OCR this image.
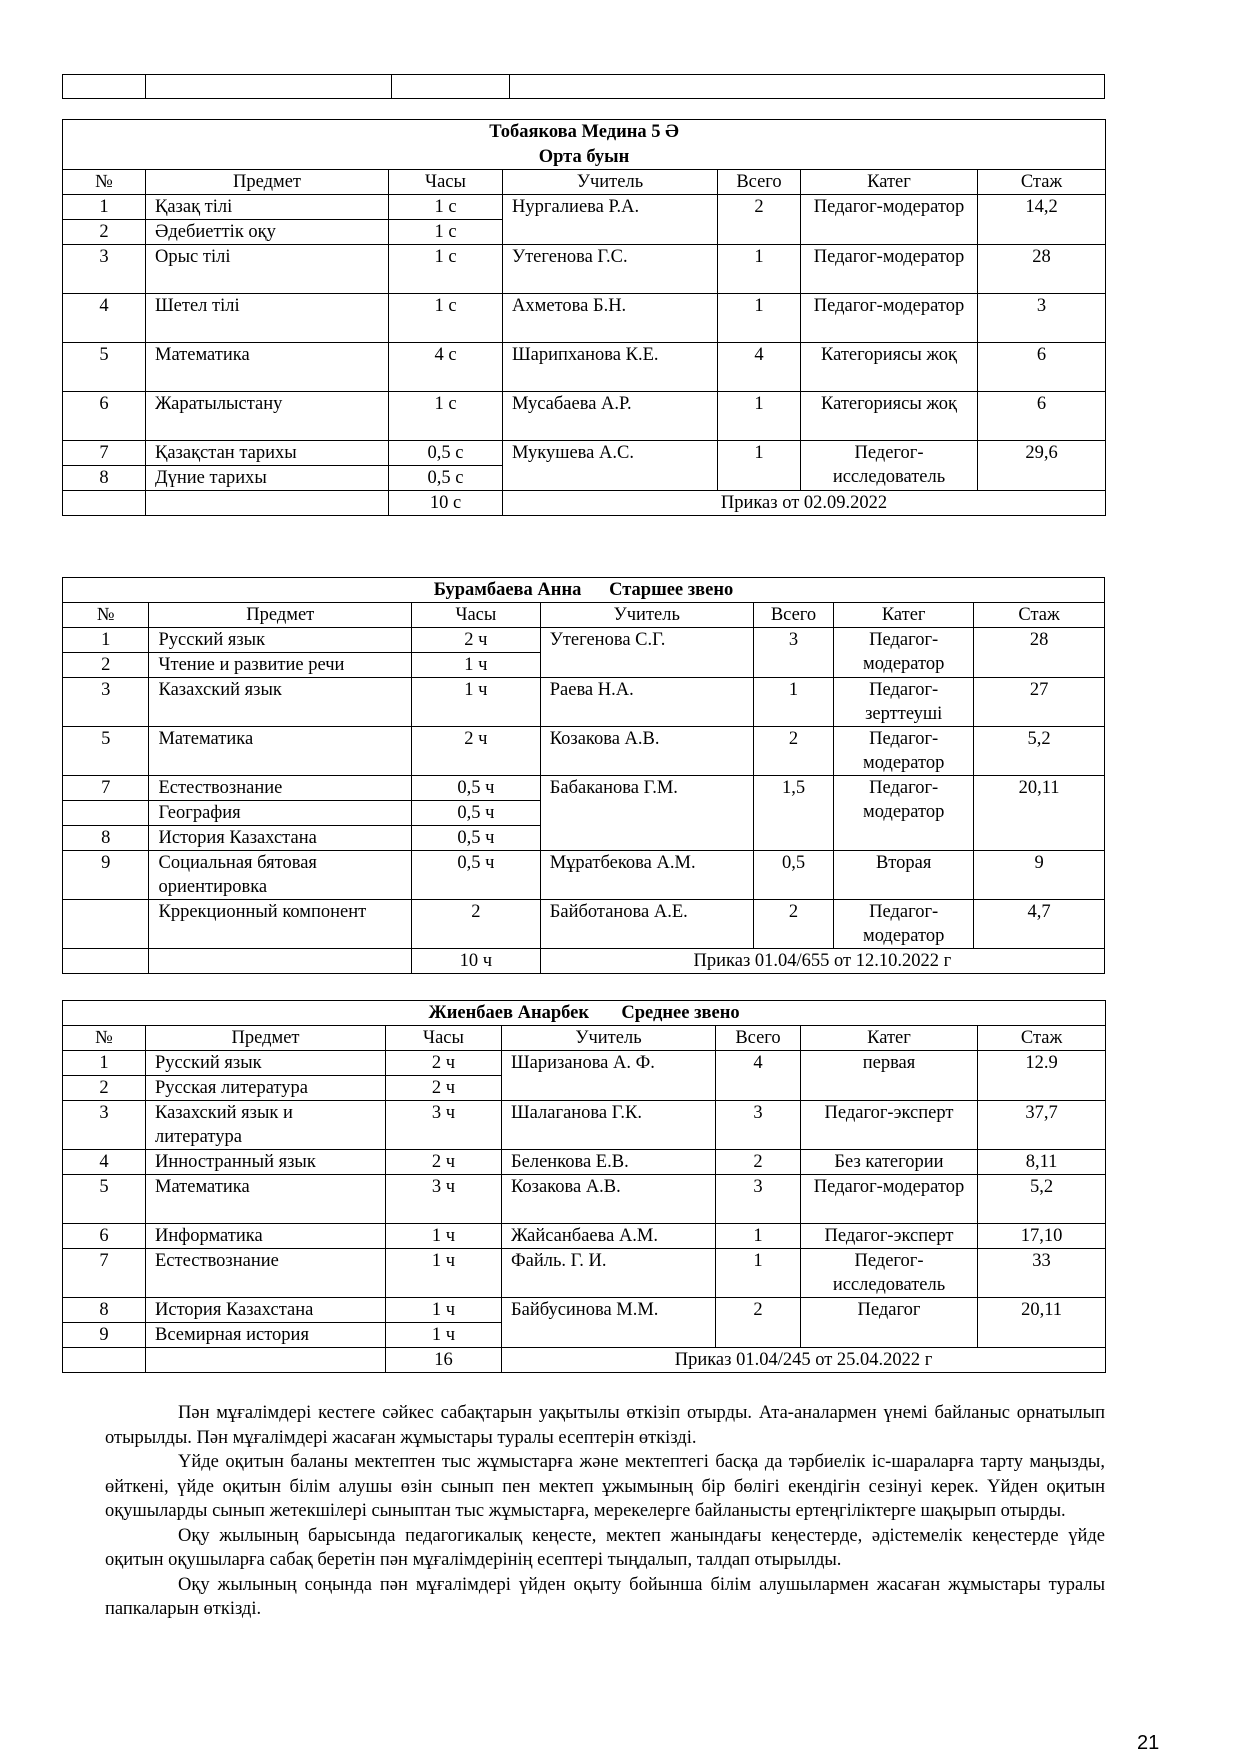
Тобаякова Медина 5 Ә
Орта буын						

№	Предмет	Часы	Учитель	Всего	Катег	Стаж
1	Қазақ тілі	1 с	Нургалиева Р.А.	2	Педагог-модератор	14,2
2	Әдебиеттік оқу	1 с				
3	Орыс тілі	1 с	Утегенова Г.С.	1	Педагог-модератор	28
4	Шетел тілі	1 с	Ахметова Б.Н.	1	Педагог-модератор	3
5	Математика	4 с	Шарипханова К.Е.	4	Категориясы жоқ	6
6	Жаратылыстану	1 с	Мусабаева А.Р.	1	Категориясы жоқ	6
7	Қазақстан тарихы	0,5 с	Мукушева А.С.	1	Педегог-исследователь	29,6
8	Дүние тарихы	0,5 с				
		10 с	Приказ от 02.09.2022			
Бурамбаева Анна      Старшее звено						
№	Предмет	Часы	Учитель	Всего	Катег	Стаж
1	Русский язык	2 ч	Утегенова С.Г.	3	Педагог-модератор	28
2	Чтение и развитие речи	1 ч				
3	Казахский язык	1 ч	Раева Н.А.	1	Педагог-зерттеуші	27
5	Математика	2 ч	Козакова А.В.	2	Педагог-модератор	5,2
7	Естествознание	0,5 ч	Бабаканова Г.М.	1,5	Педагог-модератор	20,11
	География	0,5 ч				
8	История Казахстана	0,5 ч				
9	Социальная бятовая ориентировка	0,5 ч	Мұратбекова А.М.	0,5	Вторая	9
	Кррекционный компонент	2	Байботанова А.Е.	2	Педагог-модератор	4,7
		10 ч	Приказ 01.04/655 от 12.10.2022 г			
Жиенбаев Анарбек       Среднее звено						
№	Предмет	Часы	Учитель	Всего	Катег	Стаж
1	Русский язык	2 ч	Шаризанова А. Ф.	4	первая	12.9
2	Русская литература	2 ч				
3	Казахский язык и литература	3 ч	Шалаганова Г.К.	3	Педагог-эксперт	37,7
4	Инностранный язык	2 ч	Беленкова Е.В.	2	Без категории	8,11
5	Математика	3 ч	Козакова А.В.	3	Педагог-модератор	5,2
6	Информатика	1 ч	Жайсанбаева А.М.	1	Педагог-эксперт	17,10
7	Естествознание	1 ч	Файль. Г. И.	1	Педегог-исследователь	33
8	История Казахстана	1 ч	Байбусинова М.М.	2	Педагог	20,11
9	Всемирная история	1 ч				
		16	Приказ 01.04/245 от 25.04.2022 г			

Пән мұғалімдері кестеге сәйкес сабақтарын уақытылы өткізіп отырды. Ата-аналармен үнемі байланыс орнатылып отырылды. Пән мұғалімдері жасаған жұмыстары туралы есептерін өткізді.

Үйде оқитын баланы мектептен тыс жұмыстарға және мектептегі басқа да тәрбиелік іс-шараларға тарту маңызды, өйткені, үйде оқитын білім алушы өзін сынып пен мектеп ұжымының бір бөлігі екендігін сезінуі керек. Үйден оқитын оқушыларды сынып жетекшілері сыныптан тыс жұмыстарға, мерекелерге байланысты ертеңгіліктерге шақырып отырды.

Оқу жылының барысында педагогикалық кеңесте, мектеп жанындағы кеңестерде, әдістемелік кеңестерде үйде оқитын оқушыларға сабақ беретін пән мұғалімдерінің есептері тыңдалып, талдап отырылды.

Оқу жылының соңында пән мұғалімдері үйден оқыту бойынша білім алушылармен жасаған жұмыстары туралы папкаларын өткізді.

21
